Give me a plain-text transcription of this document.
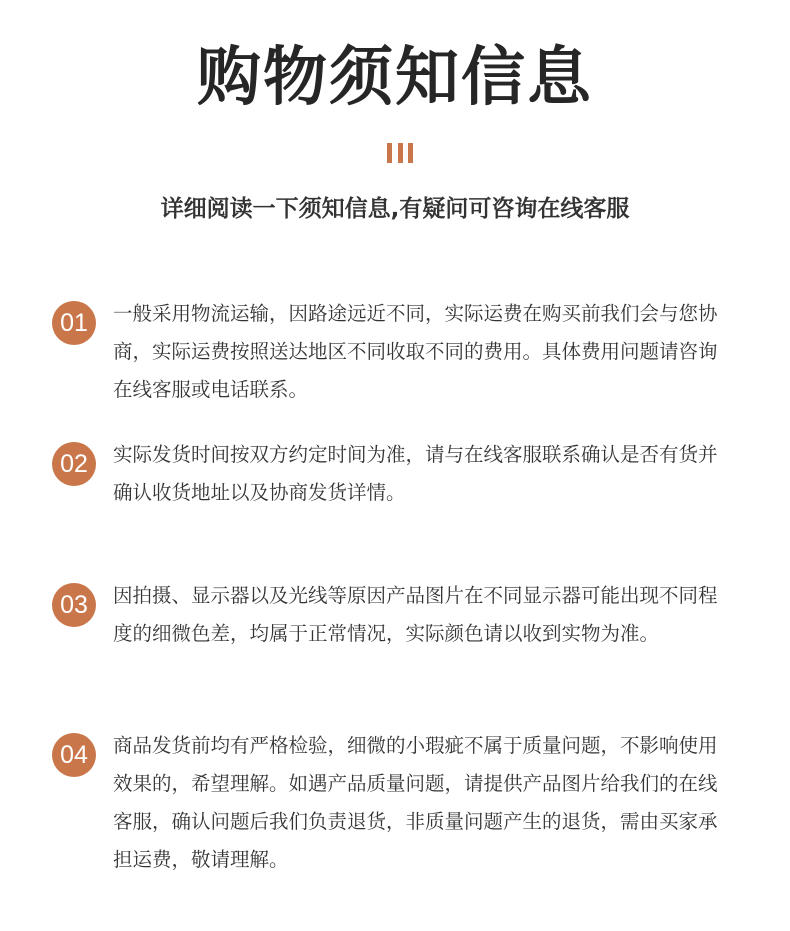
购物须知信息
详细阅读一下须知信息,有疑问可咨询在线客服
01	一般采用物流运输，因路途远近不同，实际运费在购买前我们会与您协商，实际运费按照送达地区不同收取不同的费用。具体费用问题请咨询在线客服或电话联系。
02	实际发货时间按双方约定时间为准，请与在线客服联系确认是否有货并确认收货地址以及协商发货详情。
03	因拍摄、显示器以及光线等原因产品图片在不同显示器可能出现不同程度的细微色差，均属于正常情况，实际颜色请以收到实物为准。
04	商品发货前均有严格检验，细微的小瑕疵不属于质量问题，不影响使用效果的，希望理解。如遇产品质量问题，请提供产品图片给我们的在线客服，确认问题后我们负责退货，非质量问题产生的退货，需由买家承担运费，敬请理解。
